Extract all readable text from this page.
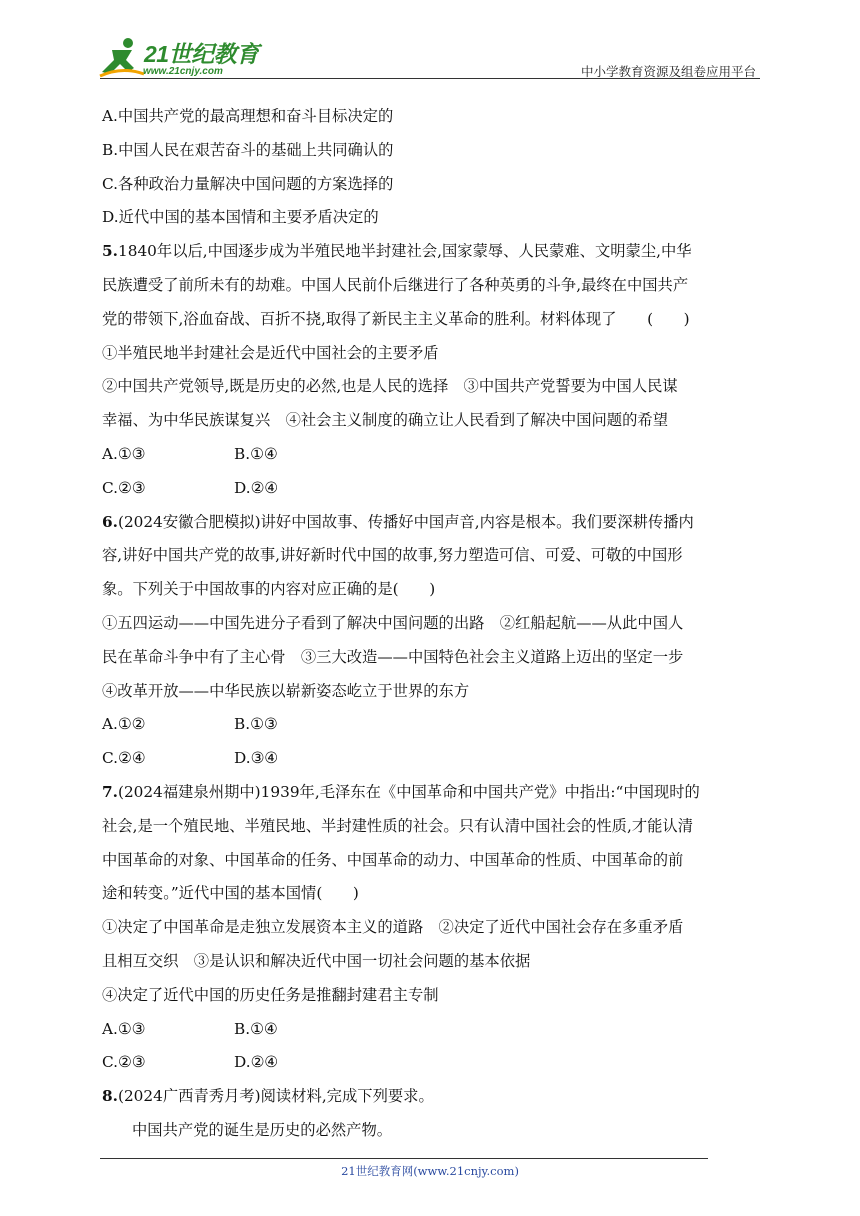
21世纪教育
www.21cnjy.com	中小学教育资源及组卷应用平台

A.中国共产党的最高理想和奋斗目标决定的

B.中国人民在艰苦奋斗的基础上共同确认的

C.各种政治力量解决中国问题的方案选择的

D.近代中国的基本国情和主要矛盾决定的

5.1840年以后,中国逐步成为半殖民地半封建社会,国家蒙辱、人民蒙难、文明蒙尘,中华

民族遭受了前所未有的劫难。中国人民前仆后继进行了各种英勇的斗争,最终在中国共产

党的带领下,浴血奋战、百折不挠,取得了新民主主义革命的胜利。材料体现了　　(　　)

①半殖民地半封建社会是近代中国社会的主要矛盾

②中国共产党领导,既是历史的必然,也是人民的选择　③中国共产党誓要为中国人民谋

幸福、为中华民族谋复兴　④社会主义制度的确立让人民看到了解决中国问题的希望

A.①③	B.①④
C.②③	D.②④

6.(2024安徽合肥模拟)讲好中国故事、传播好中国声音,内容是根本。我们要深耕传播内

容,讲好中国共产党的故事,讲好新时代中国的故事,努力塑造可信、可爱、可敬的中国形

象。下列关于中国故事的内容对应正确的是(　　)

①五四运动——中国先进分子看到了解决中国问题的出路　②红船起航——从此中国人

民在革命斗争中有了主心骨　③三大改造——中国特色社会主义道路上迈出的坚定一步

④改革开放——中华民族以崭新姿态屹立于世界的东方

A.①②	B.①③
C.②④	D.③④

7.(2024福建泉州期中)1939年,毛泽东在《中国革命和中国共产党》中指出:“中国现时的

社会,是一个殖民地、半殖民地、半封建性质的社会。只有认清中国社会的性质,才能认清

中国革命的对象、中国革命的任务、中国革命的动力、中国革命的性质、中国革命的前

途和转变。”近代中国的基本国情(　　)

①决定了中国革命是走独立发展资本主义的道路　②决定了近代中国社会存在多重矛盾

且相互交织　③是认识和解决近代中国一切社会问题的基本依据

④决定了近代中国的历史任务是推翻封建君主专制

A.①③	B.①④
C.②③	D.②④

8.(2024广西青秀月考)阅读材料,完成下列要求。

中国共产党的诞生是历史的必然产物。

21世纪教育网(www.21cnjy.com)
